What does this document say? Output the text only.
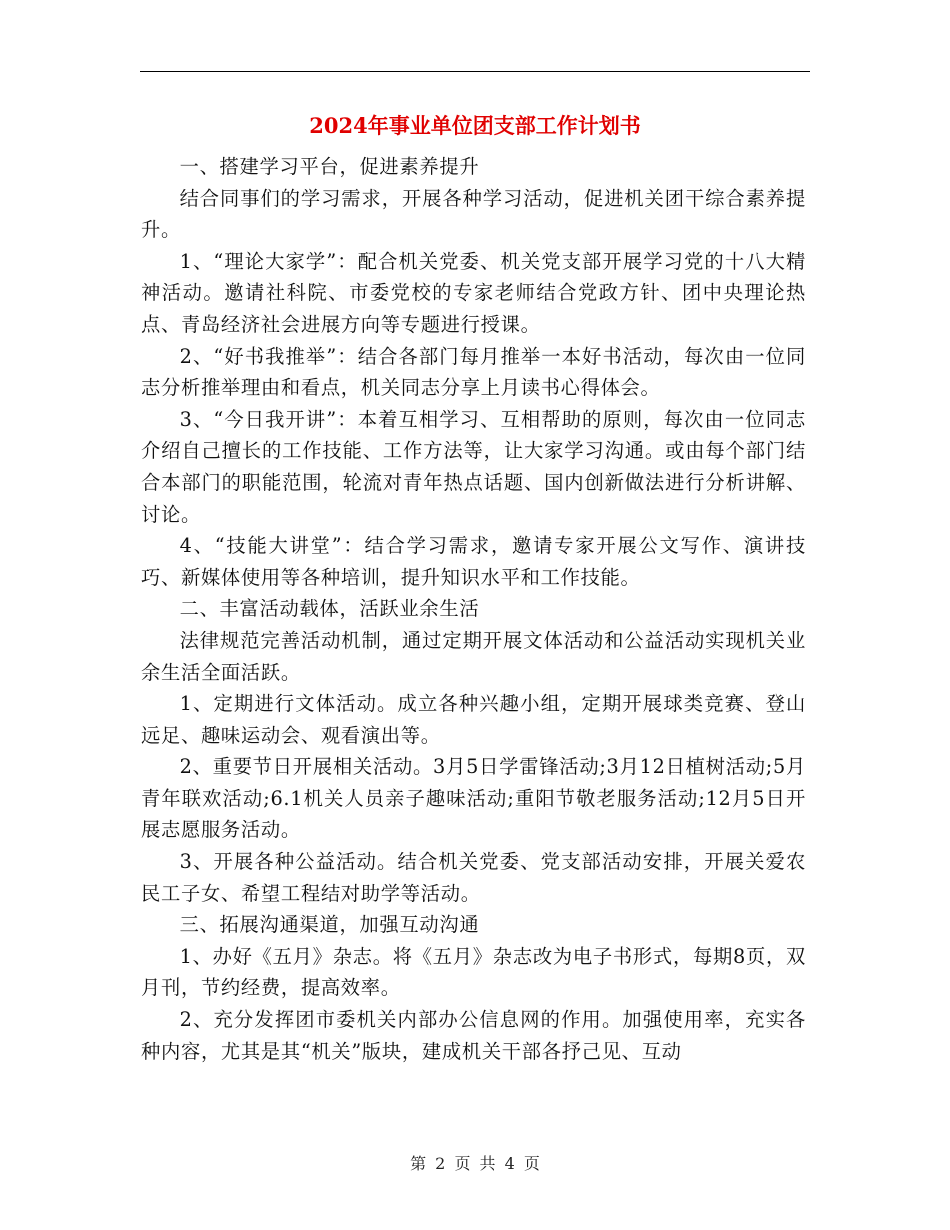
2024年事业单位团支部工作计划书

一、搭建学习平台，促进素养提升

结合同事们的学习需求，开展各种学习活动，促进机关团干综合素养提升。

1、“理论大家学”：配合机关党委、机关党支部开展学习党的十八大精神活动。邀请社科院、市委党校的专家老师结合党政方针、团中央理论热点、青岛经济社会进展方向等专题进行授课。

2、“好书我推举”：结合各部门每月推举一本好书活动，每次由一位同志分析推举理由和看点，机关同志分享上月读书心得体会。

3、“今日我开讲”：本着互相学习、互相帮助的原则，每次由一位同志介绍自己擅长的工作技能、工作方法等，让大家学习沟通。或由每个部门结合本部门的职能范围，轮流对青年热点话题、国内创新做法进行分析讲解、讨论。

4、“技能大讲堂”：结合学习需求，邀请专家开展公文写作、演讲技巧、新媒体使用等各种培训，提升知识水平和工作技能。

二、丰富活动载体，活跃业余生活

法律规范完善活动机制，通过定期开展文体活动和公益活动实现机关业余生活全面活跃。

1、定期进行文体活动。成立各种兴趣小组，定期开展球类竞赛、登山远足、趣味运动会、观看演出等。

2、重要节日开展相关活动。3月5日学雷锋活动;3月12日植树活动;5月青年联欢活动;6.1机关人员亲子趣味活动;重阳节敬老服务活动;12月5日开展志愿服务活动。

3、开展各种公益活动。结合机关党委、党支部活动安排，开展关爱农民工子女、希望工程结对助学等活动。

三、拓展沟通渠道，加强互动沟通

1、办好《五月》杂志。将《五月》杂志改为电子书形式，每期8页，双月刊，节约经费，提高效率。

2、充分发挥团市委机关内部办公信息网的作用。加强使用率，充实各种内容，尤其是其“机关”版块，建成机关干部各抒己见、互动

第 2 页 共 4 页
